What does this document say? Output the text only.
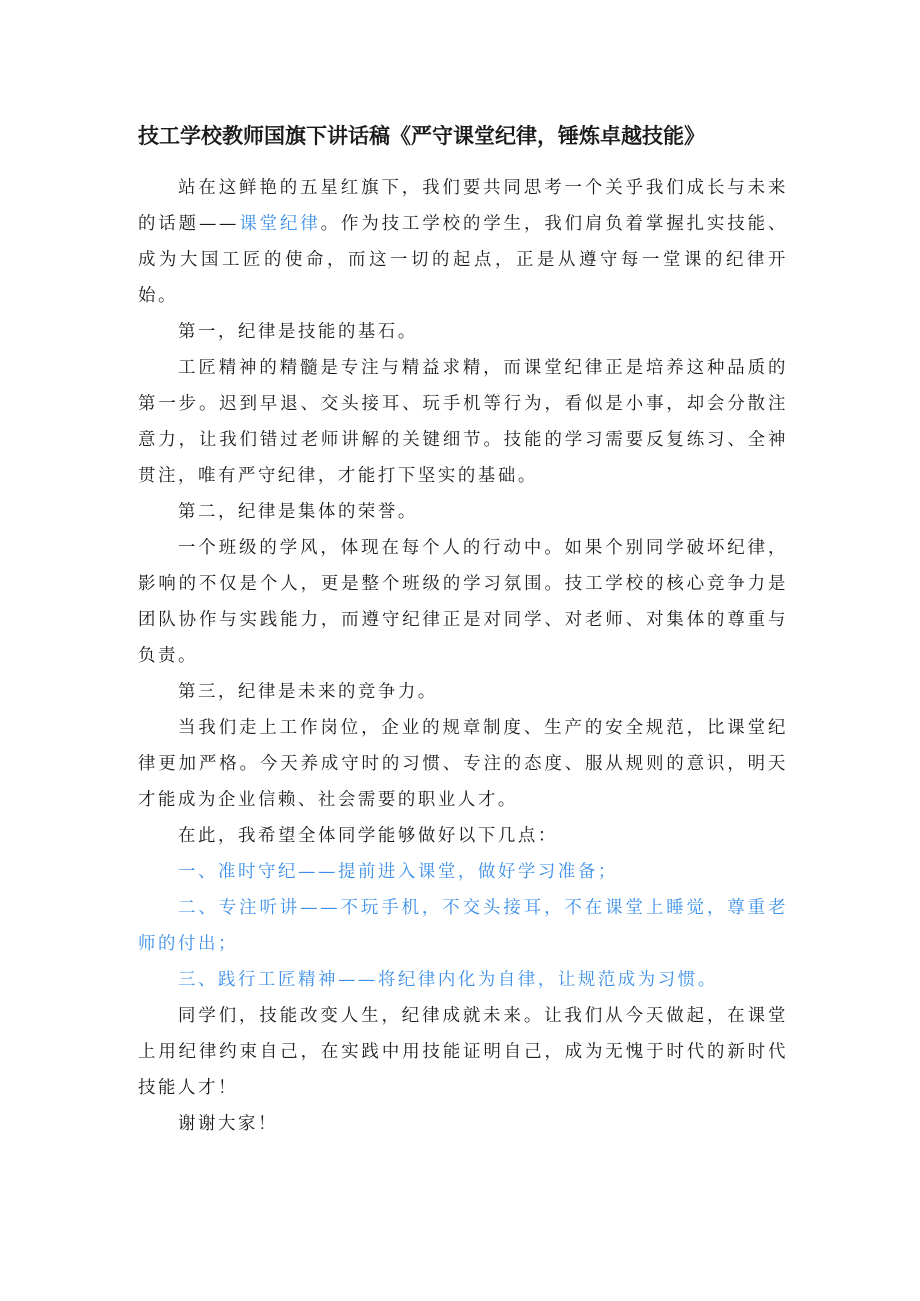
技工学校教师国旗下讲话稿《严守课堂纪律，锤炼卓越技能》

站在这鲜艳的五星红旗下，我们要共同思考一个关乎我们成长与未来的话题——课堂纪律。作为技工学校的学生，我们肩负着掌握扎实技能、成为大国工匠的使命，而这一切的起点，正是从遵守每一堂课的纪律开始。

第一，纪律是技能的基石。

工匠精神的精髓是专注与精益求精，而课堂纪律正是培养这种品质的第一步。迟到早退、交头接耳、玩手机等行为，看似是小事，却会分散注意力，让我们错过老师讲解的关键细节。技能的学习需要反复练习、全神贯注，唯有严守纪律，才能打下坚实的基础。

第二，纪律是集体的荣誉。

一个班级的学风，体现在每个人的行动中。如果个别同学破坏纪律，影响的不仅是个人，更是整个班级的学习氛围。技工学校的核心竞争力是团队协作与实践能力，而遵守纪律正是对同学、对老师、对集体的尊重与负责。

第三，纪律是未来的竞争力。

当我们走上工作岗位，企业的规章制度、生产的安全规范，比课堂纪律更加严格。今天养成守时的习惯、专注的态度、服从规则的意识，明天才能成为企业信赖、社会需要的职业人才。

在此，我希望全体同学能够做好以下几点：

一、准时守纪——提前进入课堂，做好学习准备；

二、专注听讲——不玩手机，不交头接耳，不在课堂上睡觉，尊重老师的付出；

三、践行工匠精神——将纪律内化为自律，让规范成为习惯。

同学们，技能改变人生，纪律成就未来。让我们从今天做起，在课堂上用纪律约束自己，在实践中用技能证明自己，成为无愧于时代的新时代技能人才！

谢谢大家！
